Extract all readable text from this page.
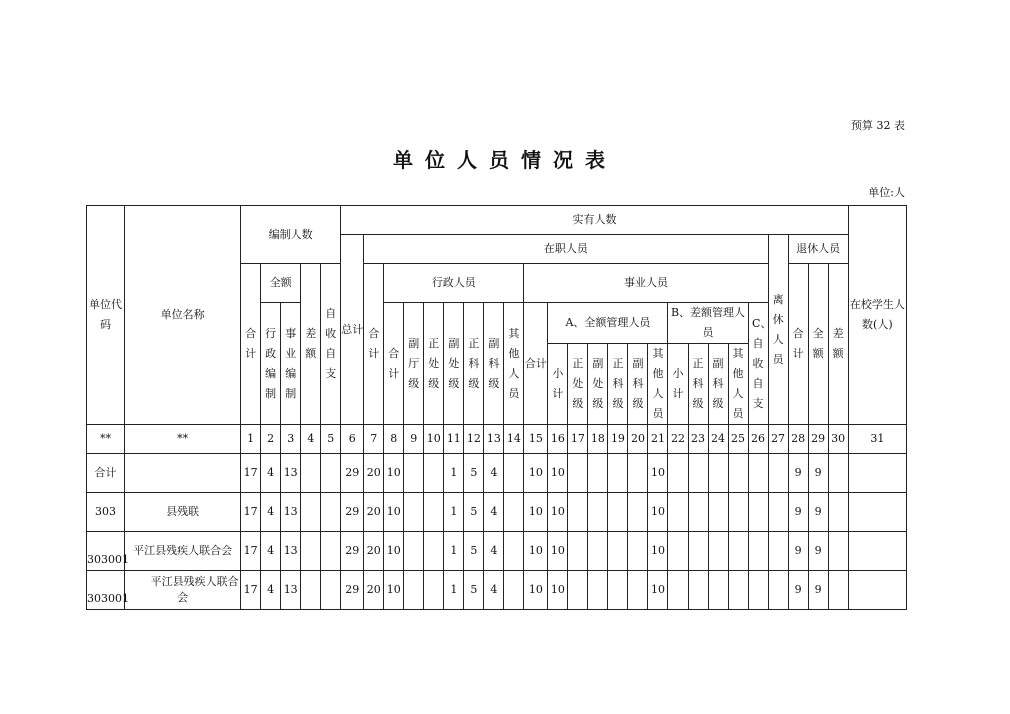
预算 32 表
单位人员情况表
单位:人
单位代码	单位名称	编制人数					实有人数																									在校学生人数(人)
							总计	在职人员																				离休人员	退休人员			

		合计	全额		差额	自收自支		合计	行政人员							事业人员													合计	全额	差额	

			行政编制	事业编制					合计	副厅级	正处级	副处级	正科级	副科级	其他人员	合计	A、全额管理人员						B、差额管理人员				C、自收自支					

																	小计	正处级	副处级	正科级	副科级	其他人员	小计	正科级	副科级	其他人员						

**	**	1	2	3	4	5	6	7	8	9	10	11	12	13	14	15	16	17	18	19	20	21	22	23	24	25	26	27	28	29	30	31
合计		17	4	13			29	20	10			1	5	4		10	10					10							9	9		
303	县残联	17	4	13			29	20	10			1	5	4		10	10					10							9	9		
303001	平江县残疾人联合会	17	4	13			29	20	10			1	5	4		10	10					10							9	9		
303001	平江县残疾人联合会	17	4	13			29	20	10			1	5	4		10	10					10							9	9		
